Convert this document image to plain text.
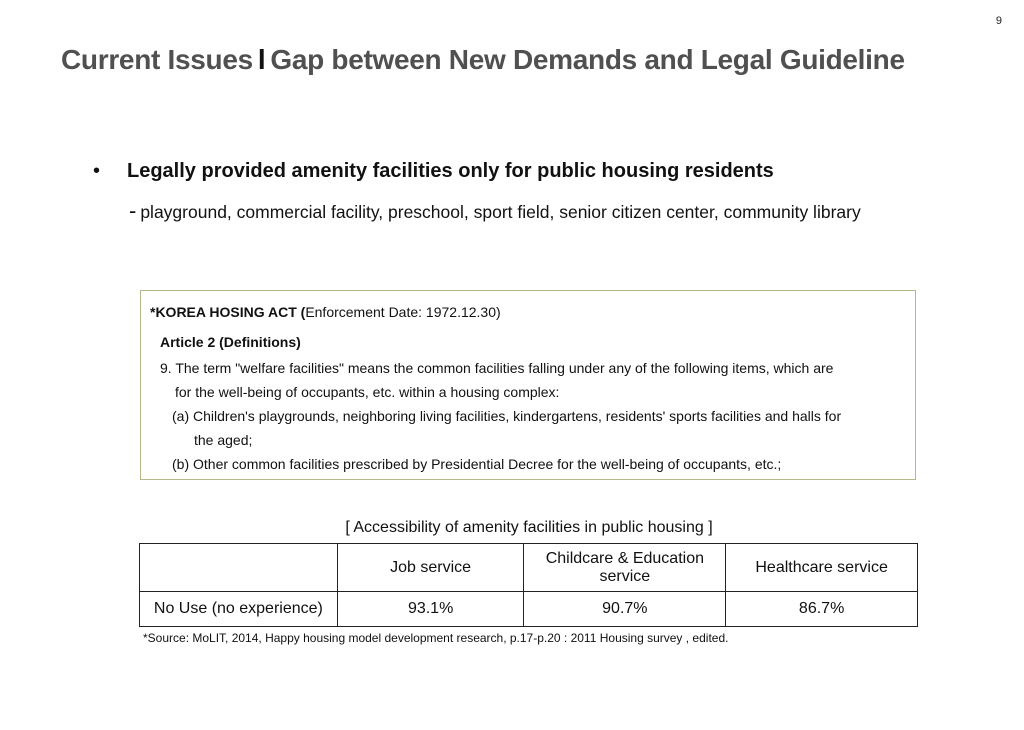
9
Current Issues l Gap between New Demands and Legal Guideline
• Legally provided amenity facilities only for public housing residents
- playground, commercial facility, preschool, sport field, senior citizen center, community library
*KOREA HOSING ACT (Enforcement Date: 1972.12.30)
Article 2 (Definitions)
9. The term "welfare facilities" means the common facilities falling under any of the following items, which are
for the well-being of occupants, etc. within a housing complex:
(a) Children's playgrounds, neighboring living facilities, kindergartens, residents' sports facilities and halls for
the aged;
(b) Other common facilities prescribed by Presidential Decree for the well-being of occupants, etc.;
[ Accessibility of amenity facilities in public housing ]
	Job service	Childcare & Education service	Healthcare service
No Use (no experience)	93.1%	90.7%	86.7%
*Source: MoLIT, 2014, Happy housing model development research, p.17-p.20 : 2011 Housing survey , edited.
